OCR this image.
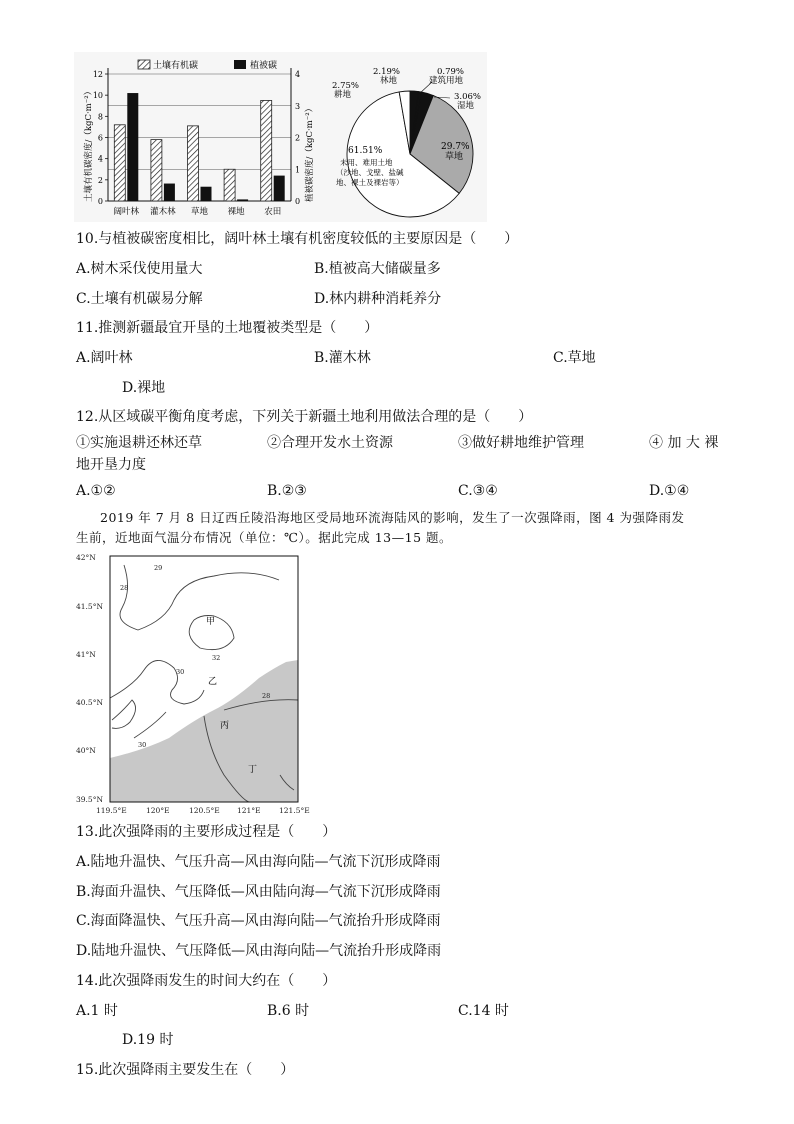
土壤有机碳	植被碳
土壤有机碳密度/（kgC·m⁻²）	植被碳密度/（kgC·m⁻²）
0
2
4
6
8
10
12
0
1
2
3
4
阔叶林 灌木林 草地 裸地 农田
2.19%
林地
0.79%
建筑用地
2.75%
耕地	3.06%
湿地
29.7%
草地
61.51%
未用、难用土地
（沙地、戈壁、盐碱
地、裸土及裸岩等）
10.与植被碳密度相比，阔叶林土壤有机密度较低的主要原因是（　　）
A.树木采伐使用量大	B.植被高大储碳量多
C.土壤有机碳易分解	D.林内耕种消耗养分
11.推测新疆最宜开垦的土地覆被类型是（　　）
A.阔叶林	B.灌木林	C.草地
D.裸地
12.从区域碳平衡角度考虑，下列关于新疆土地利用做法合理的是（　　）
①实施退耕还林还草	②合理开发水土资源	③做好耕地维护管理	④ 加 大 裸
地开垦力度
A.①②	B.②③	C.③④	D.①④
2019 年 7 月 8 日辽西丘陵沿海地区受局地环流海陆风的影响，发生了一次强降雨，图 4 为强降雨发
生前，近地面气温分布情况（单位：℃）。据此完成 13—15 题。
42°N
41.5°N
41°N
40.5°N
40°N
39.5°N
119.5°E	120°E	120.5°E 121°E 121.5°E
甲
乙
丙
丁
28
29
30
32
28
30
13.此次强降雨的主要形成过程是（　　）
A.陆地升温快、气压升高—风由海向陆—气流下沉形成降雨
B.海面升温快、气压降低—风由陆向海—气流下沉形成降雨
C.海面降温快、气压升高—风由海向陆—气流抬升形成降雨
D.陆地升温快、气压降低—风由海向陆—气流抬升形成降雨
14.此次强降雨发生的时间大约在（　　）
A.1 时	B.6 时	C.14 时
D.19 时
15.此次强降雨主要发生在（　　）
